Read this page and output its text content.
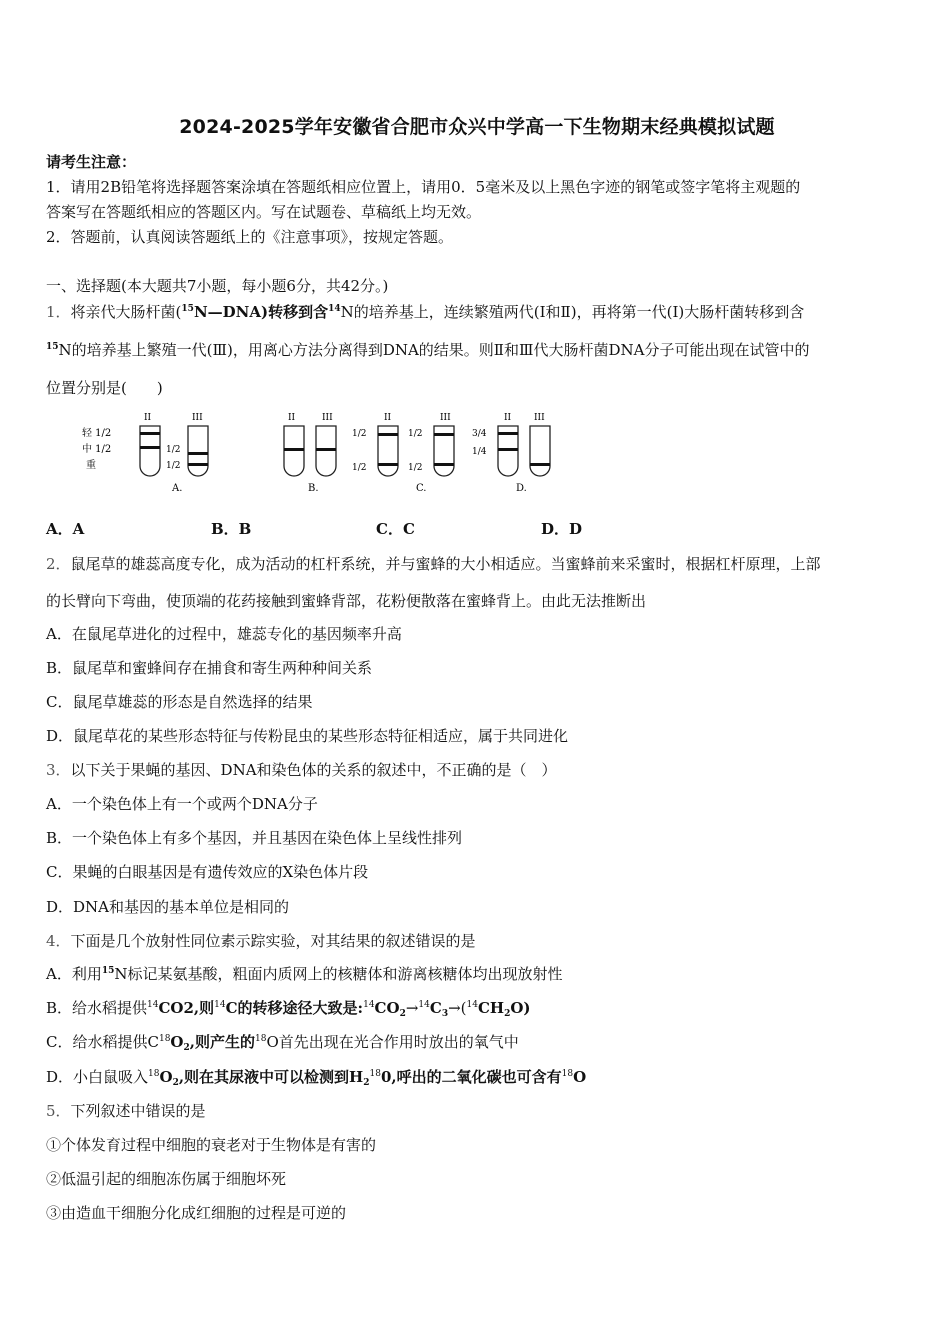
2024-2025学年安徽省合肥市众兴中学高一下生物期末经典模拟试题
请考生注意：
1．请用2B铅笔将选择题答案涂填在答题纸相应位置上，请用0．5毫米及以上黑色字迹的钢笔或签字笔将主观题的
答案写在答题纸相应的答题区内。写在试题卷、草稿纸上均无效。
2．答题前，认真阅读答题纸上的《注意事项》，按规定答题。
一、选择题(本大题共7小题，每小题6分，共42分。)
1．将亲代大肠杆菌($^{15}$N—DNA)转移到含$^{14}$N的培养基上，连续繁殖两代(Ⅰ和Ⅱ)，再将第一代(Ⅰ)大肠杆菌转移到含
$^{15}$N的培养基上繁殖一代(Ⅲ)，用离心方法分离得到DNA的结果。则Ⅱ和Ⅲ代大肠杆菌DNA分子可能出现在试管中的
位置分别是(　　)
轻 1/2
中 1/2
重
II	III
1/2
1/2
A.
II	III
B.
1/2
1/2
II
1/2
1/2
III
C.
3/4
1/4
II	III
D.
A．A	B．B	C．C	D．D
2．鼠尾草的雄蕊高度专化，成为活动的杠杆系统，并与蜜蜂的大小相适应。当蜜蜂前来采蜜时，根据杠杆原理，上部
的长臂向下弯曲，使顶端的花药接触到蜜蜂背部，花粉便散落在蜜蜂背上。由此无法推断出
A．在鼠尾草进化的过程中，雄蕊专化的基因频率升高
B．鼠尾草和蜜蜂间存在捕食和寄生两种种间关系
C．鼠尾草雄蕊的形态是自然选择的结果
D．鼠尾草花的某些形态特征与传粉昆虫的某些形态特征相适应，属于共同进化
3．以下关于果蝇的基因、DNA和染色体的关系的叙述中，不正确的是（　）
A．一个染色体上有一个或两个DNA分子
B．一个染色体上有多个基因，并且基因在染色体上呈线性排列
C．果蝇的白眼基因是有遗传效应的X染色体片段
D．DNA和基因的基本单位是相同的
4．下面是几个放射性同位素示踪实验，对其结果的叙述错误的是
A．利用$^{15}$N标记某氨基酸，粗面内质网上的核糖体和游离核糖体均出现放射性
B．给水稻提供$^{14}$CO2,则$^{14}$C的转移途径大致是$:^{14}CO_2\to^{14}C_3\to(^{14}CH_2O)$
C．给水稻提供$C^{18}O_2$,则产生的$^{18}$O首先出现在光合作用时放出的氧气中
D．小白鼠吸入$^{18}O_2$,则在其尿液中可以检测到$H_2^{18}0$,呼出的二氧化碳也可含有$^{18}$O
5．下列叙述中错误的是
①个体发育过程中细胞的衰老对于生物体是有害的
②低温引起的细胞冻伤属于细胞坏死
③由造血干细胞分化成红细胞的过程是可逆的
